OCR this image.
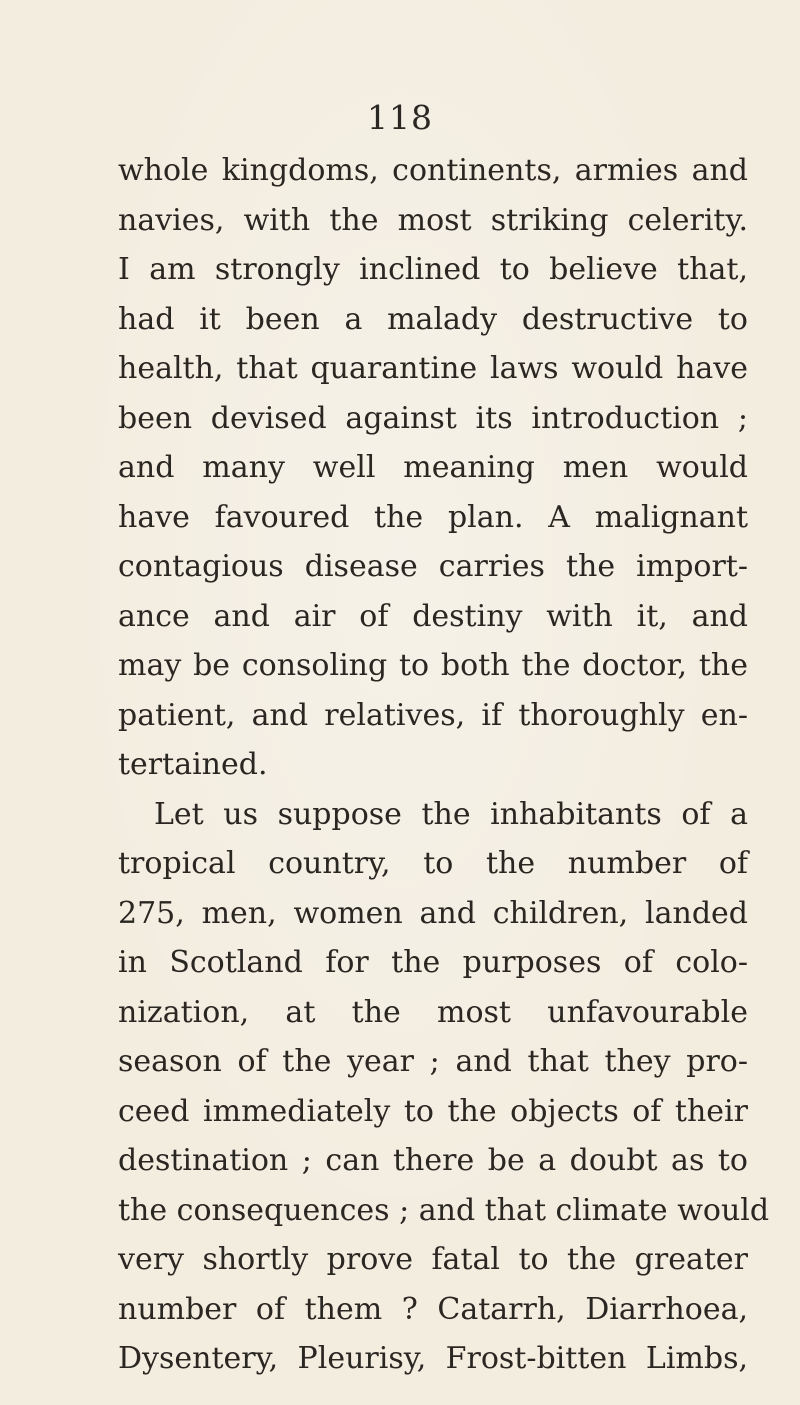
118
whole kingdoms, continents, armies and
navies, with the most striking celerity.
I am strongly inclined to believe that,
had it been a malady destructive to
health, that quarantine laws would have
been devised against its introduction ;
and many well meaning men would
have favoured the plan. A malignant
contagious disease carries the import-
ance and air of destiny with it, and
may be consoling to both the doctor, the
patient, and relatives, if thoroughly en-
tertained.
Let us suppose the inhabitants of a
tropical country, to the number of
275, men, women and children, landed
in Scotland for the purposes of colo-
nization, at the most unfavourable
season of the year ; and that they pro-
ceed immediately to the objects of their
destination ; can there be a doubt as to
the consequences ; and that climate would
very shortly prove fatal to the greater
number of them ? Catarrh, Diarrhoea,
Dysentery, Pleurisy, Frost-bitten Limbs,
